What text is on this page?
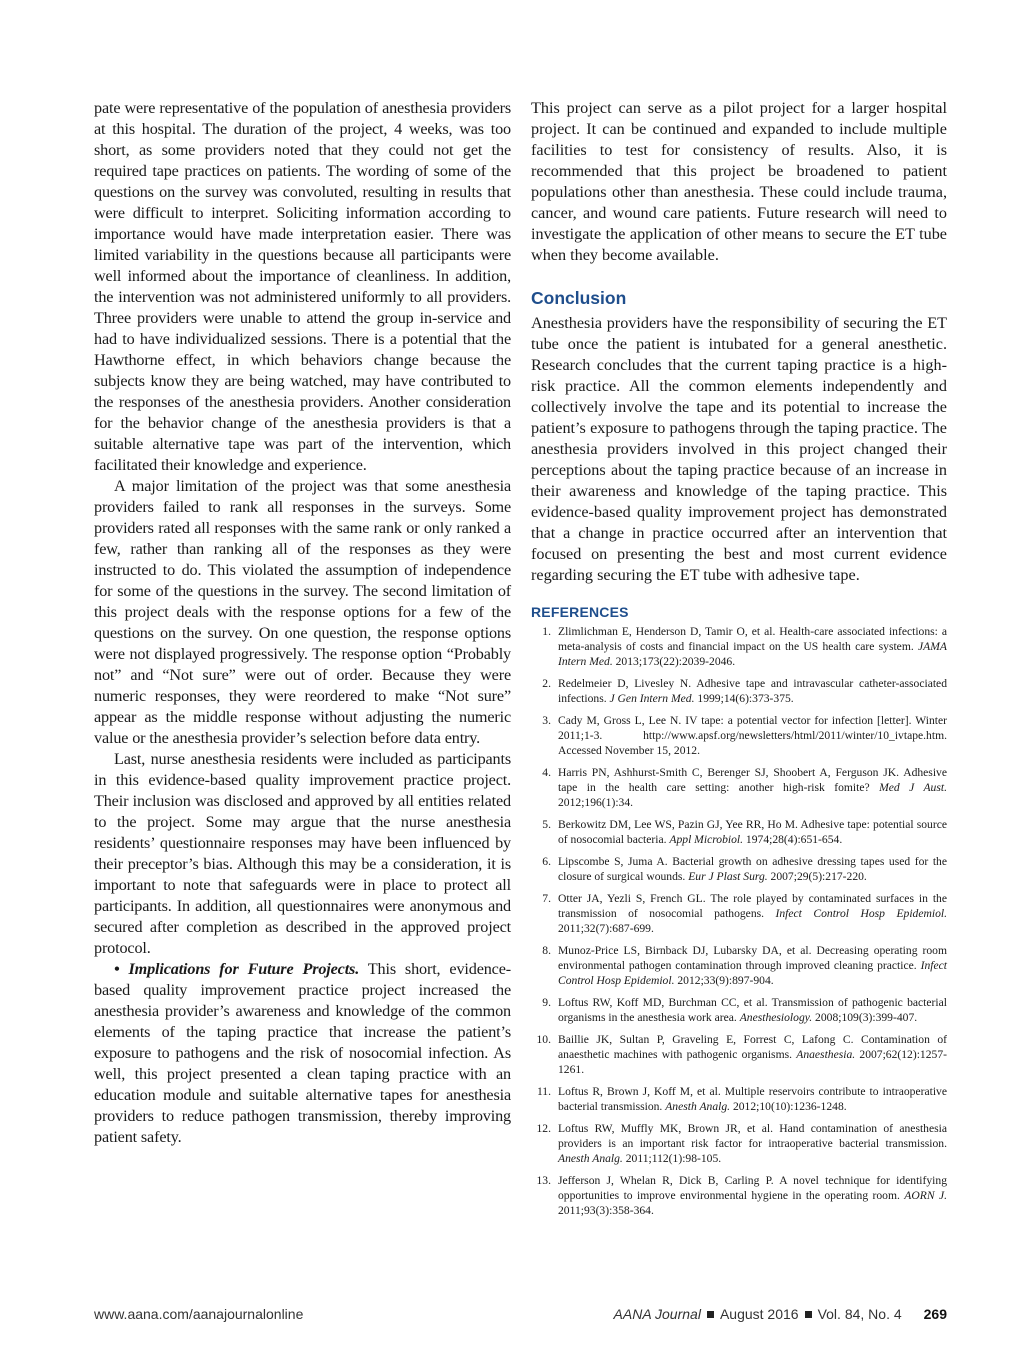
pate were representative of the population of anesthesia providers at this hospital. The duration of the project, 4 weeks, was too short, as some providers noted that they could not get the required tape practices on patients. The wording of some of the questions on the survey was convoluted, resulting in results that were difficult to interpret. Soliciting information according to importance would have made interpretation easier. There was limited variability in the questions because all participants were well informed about the importance of cleanliness. In addition, the intervention was not administered uniformly to all providers. Three providers were unable to attend the group in-service and had to have individualized sessions. There is a potential that the Hawthorne effect, in which behaviors change because the subjects know they are being watched, may have contributed to the responses of the anesthesia providers. Another consideration for the behavior change of the anesthesia providers is that a suitable alternative tape was part of the intervention, which facilitated their knowledge and experience.

A major limitation of the project was that some anesthesia providers failed to rank all responses in the surveys. Some providers rated all responses with the same rank or only ranked a few, rather than ranking all of the responses as they were instructed to do. This violated the assumption of independence for some of the questions in the survey. The second limitation of this project deals with the response options for a few of the questions on the survey. On one question, the response options were not displayed progressively. The response option “Probably not” and “Not sure” were out of order. Because they were numeric responses, they were reordered to make “Not sure” appear as the middle response without adjusting the numeric value or the anesthesia provider’s selection before data entry.

Last, nurse anesthesia residents were included as participants in this evidence-based quality improvement practice project. Their inclusion was disclosed and approved by all entities related to the project. Some may argue that the nurse anesthesia residents’ questionnaire responses may have been influenced by their preceptor’s bias. Although this may be a consideration, it is important to note that safeguards were in place to protect all participants. In addition, all questionnaires were anonymous and secured after completion as described in the approved project protocol.

• Implications for Future Projects. This short, evidence-based quality improvement practice project increased the anesthesia provider’s awareness and knowledge of the common elements of the taping practice that increase the patient’s exposure to pathogens and the risk of nosocomial infection. As well, this project presented a clean taping practice with an education module and suitable alternative tapes for anesthesia providers to reduce pathogen transmission, thereby improving patient safety.

This project can serve as a pilot project for a larger hospital project. It can be continued and expanded to include multiple facilities to test for consistency of results. Also, it is recommended that this project be broadened to patient populations other than anesthesia. These could include trauma, cancer, and wound care patients. Future research will need to investigate the application of other means to secure the ET tube when they become available.

Conclusion

Anesthesia providers have the responsibility of securing the ET tube once the patient is intubated for a general anesthetic. Research concludes that the current taping practice is a high-risk practice. All the common elements independently and collectively involve the tape and its potential to increase the patient’s exposure to pathogens through the taping practice. The anesthesia providers involved in this project changed their perceptions about the taping practice because of an increase in their awareness and knowledge of the taping practice. This evidence-based quality improvement project has demonstrated that a change in practice occurred after an intervention that focused on presenting the best and most current evidence regarding securing the ET tube with adhesive tape.

REFERENCES
1. Zlimlichman E, Henderson D, Tamir O, et al. Health-care associated infections: a meta-analysis of costs and financial impact on the US health care system. JAMA Intern Med. 2013;173(22):2039-2046.
2. Redelmeier D, Livesley N. Adhesive tape and intravascular catheter-associated infections. J Gen Intern Med. 1999;14(6):373-375.
3. Cady M, Gross L, Lee N. IV tape: a potential vector for infection [letter]. Winter 2011;1-3. http://www.apsf.org/newsletters/html/2011/winter/10_ivtape.htm. Accessed November 15, 2012.
4. Harris PN, Ashhurst-Smith C, Berenger SJ, Shoobert A, Ferguson JK. Adhesive tape in the health care setting: another high-risk fomite? Med J Aust. 2012;196(1):34.
5. Berkowitz DM, Lee WS, Pazin GJ, Yee RR, Ho M. Adhesive tape: potential source of nosocomial bacteria. Appl Microbiol. 1974;28(4):651-654.
6. Lipscombe S, Juma A. Bacterial growth on adhesive dressing tapes used for the closure of surgical wounds. Eur J Plast Surg. 2007;29(5):217-220.
7. Otter JA, Yezli S, French GL. The role played by contaminated surfaces in the transmission of nosocomial pathogens. Infect Control Hosp Epidemiol. 2011;32(7):687-699.
8. Munoz-Price LS, Birnback DJ, Lubarsky DA, et al. Decreasing operating room environmental pathogen contamination through improved cleaning practice. Infect Control Hosp Epidemiol. 2012;33(9):897-904.
9. Loftus RW, Koff MD, Burchman CC, et al. Transmission of pathogenic bacterial organisms in the anesthesia work area. Anesthesiology. 2008;109(3):399-407.
10. Baillie JK, Sultan P, Graveling E, Forrest C, Lafong C. Contamination of anaesthetic machines with pathogenic organisms. Anaesthesia. 2007;62(12):1257-1261.
11. Loftus R, Brown J, Koff M, et al. Multiple reservoirs contribute to intraoperative bacterial transmission. Anesth Analg. 2012;10(10):1236-1248.
12. Loftus RW, Muffly MK, Brown JR, et al. Hand contamination of anesthesia providers is an important risk factor for intraoperative bacterial transmission. Anesth Analg. 2011;112(1):98-105.
13. Jefferson J, Whelan R, Dick B, Carling P. A novel technique for identifying opportunities to improve environmental hygiene in the operating room. AORN J. 2011;93(3):358-364.
www.aana.com/aanajournalonline	AANA Journal August 2016 Vol. 84, No. 4 269
